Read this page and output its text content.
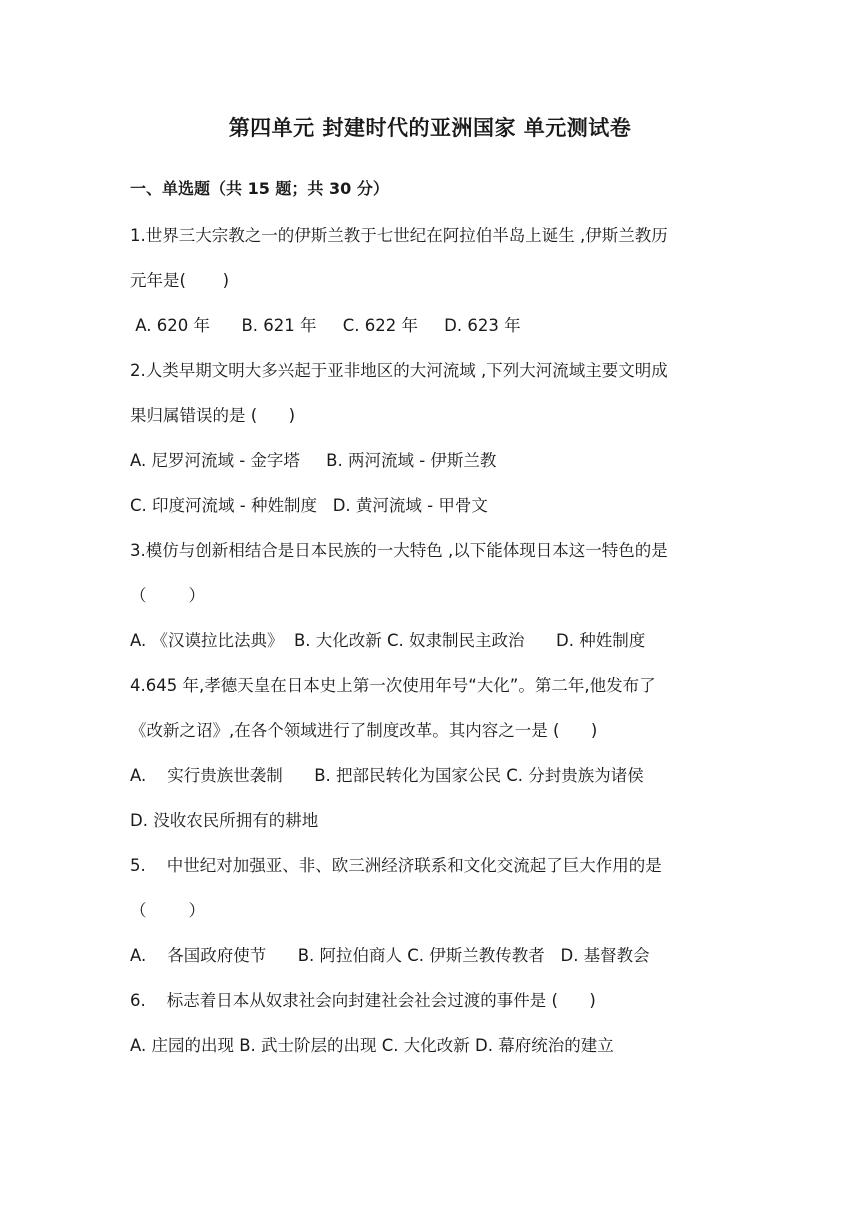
第四单元 封建时代的亚洲国家 单元测试卷
一、单选题（共 15 题；共 30 分）
1.世界三大宗教之一的伊斯兰教于七世纪在阿拉伯半岛上诞生 ,伊斯兰教历
元年是(       )
A. 620 年      B. 621 年     C. 622 年     D. 623 年
2.人类早期文明大多兴起于亚非地区的大河流域 ,下列大河流域主要文明成
果归属错误的是 (      )
A. 尼罗河流域 - 金字塔     B. 两河流域 - 伊斯兰教
C. 印度河流域 - 种姓制度   D. 黄河流域 - 甲骨文
3.模仿与创新相结合是日本民族的一大特色 ,以下能体现日本这一特色的是
（        ）
A. 《汉谟拉比法典》  B. 大化改新 C. 奴隶制民主政治      D. 种姓制度
4.645 年,孝德天皇在日本史上第一次使用年号“大化”。第二年,他发布了
《改新之诏》,在各个领域进行了制度改革。其内容之一是 (      )
A.    实行贵族世袭制      B. 把部民转化为国家公民 C. 分封贵族为诸侯
D. 没收农民所拥有的耕地
5.    中世纪对加强亚、非、欧三洲经济联系和文化交流起了巨大作用的是
（        ）
A.    各国政府使节      B. 阿拉伯商人 C. 伊斯兰教传教者   D. 基督教会
6.    标志着日本从奴隶社会向封建社会社会过渡的事件是 (      )
A. 庄园的出现 B. 武士阶层的出现 C. 大化改新 D. 幕府统治的建立
